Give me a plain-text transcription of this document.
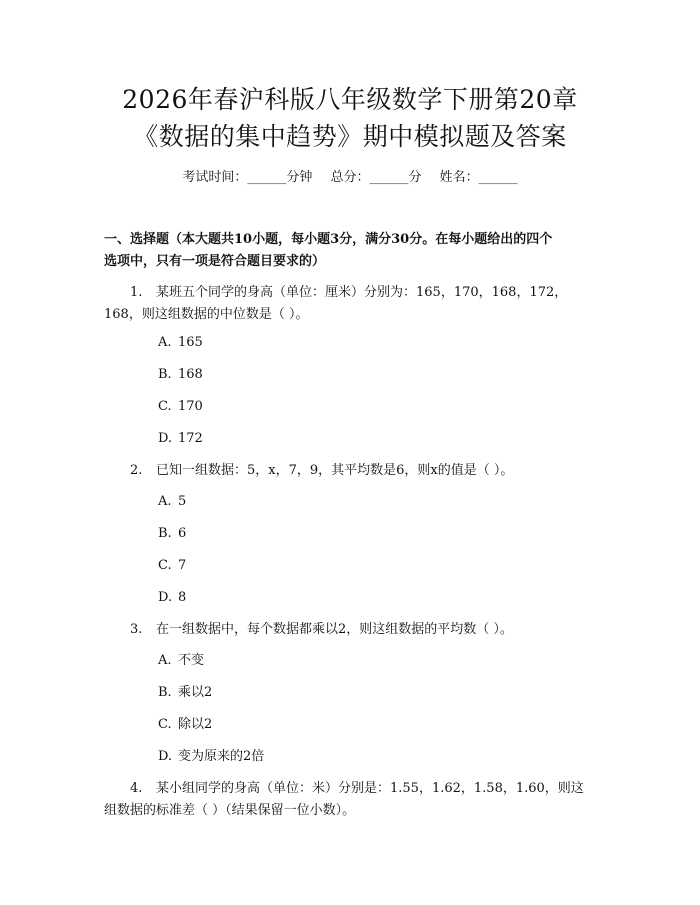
2026年春沪科版八年级数学下册第20章
《数据的集中趋势》期中模拟题及答案
考试时间：______分钟 总分：______分 姓名：______
一、选择题（本大题共10小题，每小题3分，满分30分。在每小题给出的四个
选项中，只有一项是符合题目要求的）
1. 某班五个同学的身高（单位：厘米）分别为：165，170，168，172，
168，则这组数据的中位数是（ ）。
A. 165
B. 168
C. 170
D. 172
2. 已知一组数据：5，x，7，9，其平均数是6，则x的值是（ ）。
A. 5
B. 6
C. 7
D. 8
3. 在一组数据中，每个数据都乘以2，则这组数据的平均数（ ）。
A. 不变
B. 乘以2
C. 除以2
D. 变为原来的2倍
4. 某小组同学的身高（单位：米）分别是：1.55，1.62，1.58，1.60，则这
组数据的标准差（ ）（结果保留一位小数）。
